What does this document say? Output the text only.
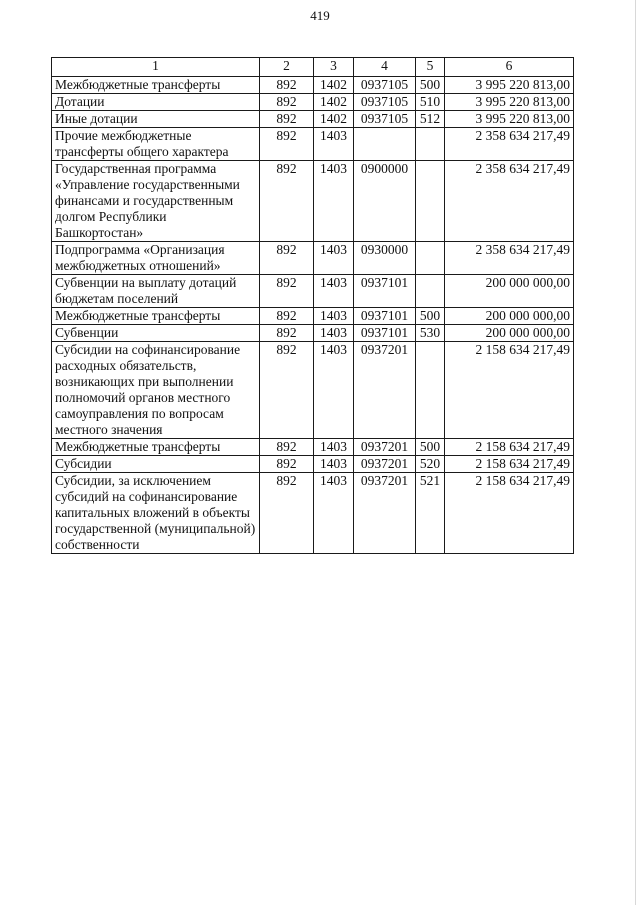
419
1	2	3	4	5	6
Межбюджетные трансферты	892	1402	0937105	500	3 995 220 813,00
Дотации	892	1402	0937105	510	3 995 220 813,00
Иные дотации	892	1402	0937105	512	3 995 220 813,00
Прочие межбюджетные трансферты общего характера	892	1403			2 358 634 217,49
Государственная программа «Управление государственными финансами и государственным долгом Республики Башкортостан»	892	1403	0900000		2 358 634 217,49
Подпрограмма «Организация межбюджетных отношений»	892	1403	0930000		2 358 634 217,49
Субвенции на выплату дотаций бюджетам поселений	892	1403	0937101		200 000 000,00
Межбюджетные трансферты	892	1403	0937101	500	200 000 000,00
Субвенции	892	1403	0937101	530	200 000 000,00
Субсидии на софинансирование расходных обязательств, возникающих при выполнении полномочий органов местного самоуправления по вопросам местного значения	892	1403	0937201		2 158 634 217,49
Межбюджетные трансферты	892	1403	0937201	500	2 158 634 217,49
Субсидии	892	1403	0937201	520	2 158 634 217,49
Субсидии, за исключением субсидий на софинансирование капитальных вложений в объекты государственной (муниципальной) собственности	892	1403	0937201	521	2 158 634 217,49
